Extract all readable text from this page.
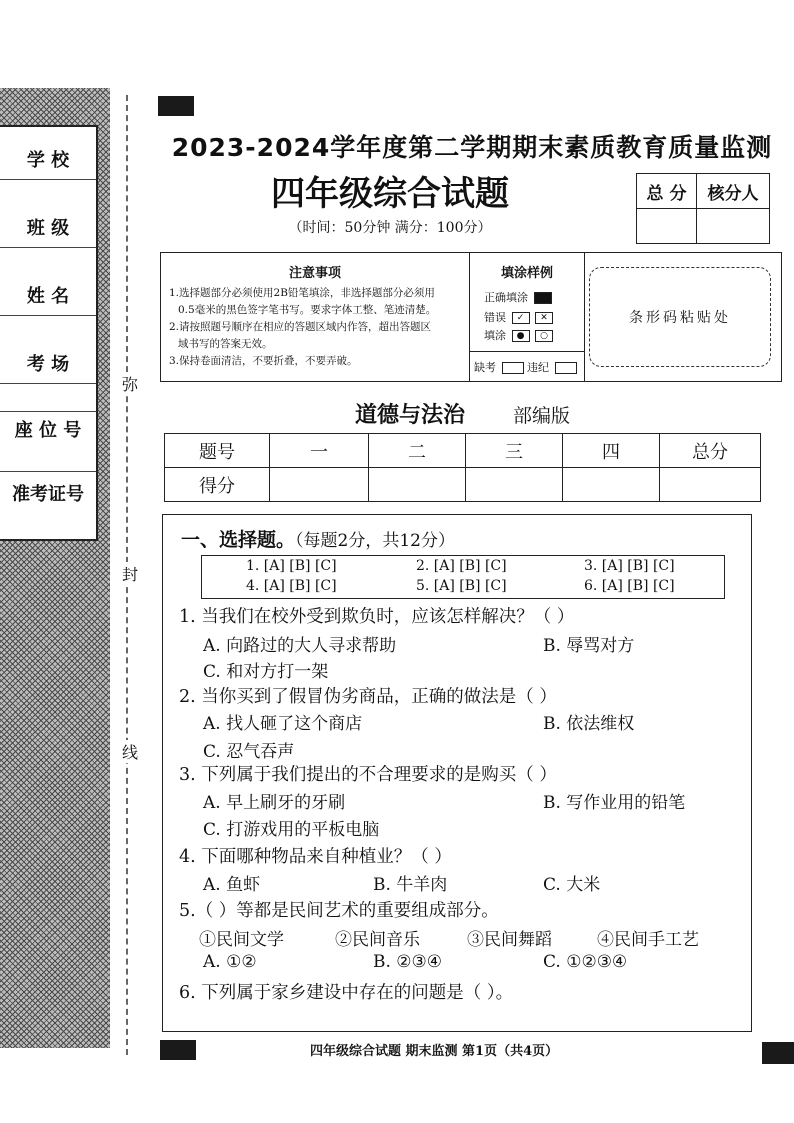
学 校
班 级
姓 名
考 场
座 位 号
准考证号
弥
封
线
2023-2024学年度第二学期期末素质教育质量监测
四年级综合试题
（时间：50分钟 满分：100分）
总 分	核分人

注意事项
1.选择题部分必须使用2B铅笔填涂，非选择题部分必须用
0.5毫米的黑色签字笔书写。要求字体工整、笔迹清楚。
2.请按照题号顺序在相应的答题区域内作答，超出答题区
域书写的答案无效。
3.保持卷面清洁，不要折叠，不要弄破。
填涂样例
正确填涂
错误 ✓ ✕
填涂 ● ○
缺考	违纪
条形码粘贴处
道德与法治	部编版
题号	一	二	三	四	总分
得分					
一、选择题。（每题2分，共12分）
1. [A] [B] [C]	2. [A] [B] [C]	3. [A] [B] [C]
4. [A] [B] [C]	5. [A] [B] [C]	6. [A] [B] [C]
1. 当我们在校外受到欺负时，应该怎样解决？（ ）
A. 向路过的大人寻求帮助	B. 辱骂对方
C. 和对方打一架
2. 当你买到了假冒伪劣商品，正确的做法是（ ）
A. 找人砸了这个商店	B. 依法维权
C. 忍气吞声
3. 下列属于我们提出的不合理要求的是购买（ ）
A. 早上刷牙的牙刷	B. 写作业用的铅笔
C. 打游戏用的平板电脑
4. 下面哪种物品来自种植业？（ ）
A. 鱼虾	B. 牛羊肉	C. 大米
5.（ ）等都是民间艺术的重要组成部分。
①民间文学	②民间音乐	③民间舞蹈	④民间手工艺
A. ①②	B. ②③④	C. ①②③④
6. 下列属于家乡建设中存在的问题是（ ）。
四年级综合试题 期末监测 第1页（共4页）
